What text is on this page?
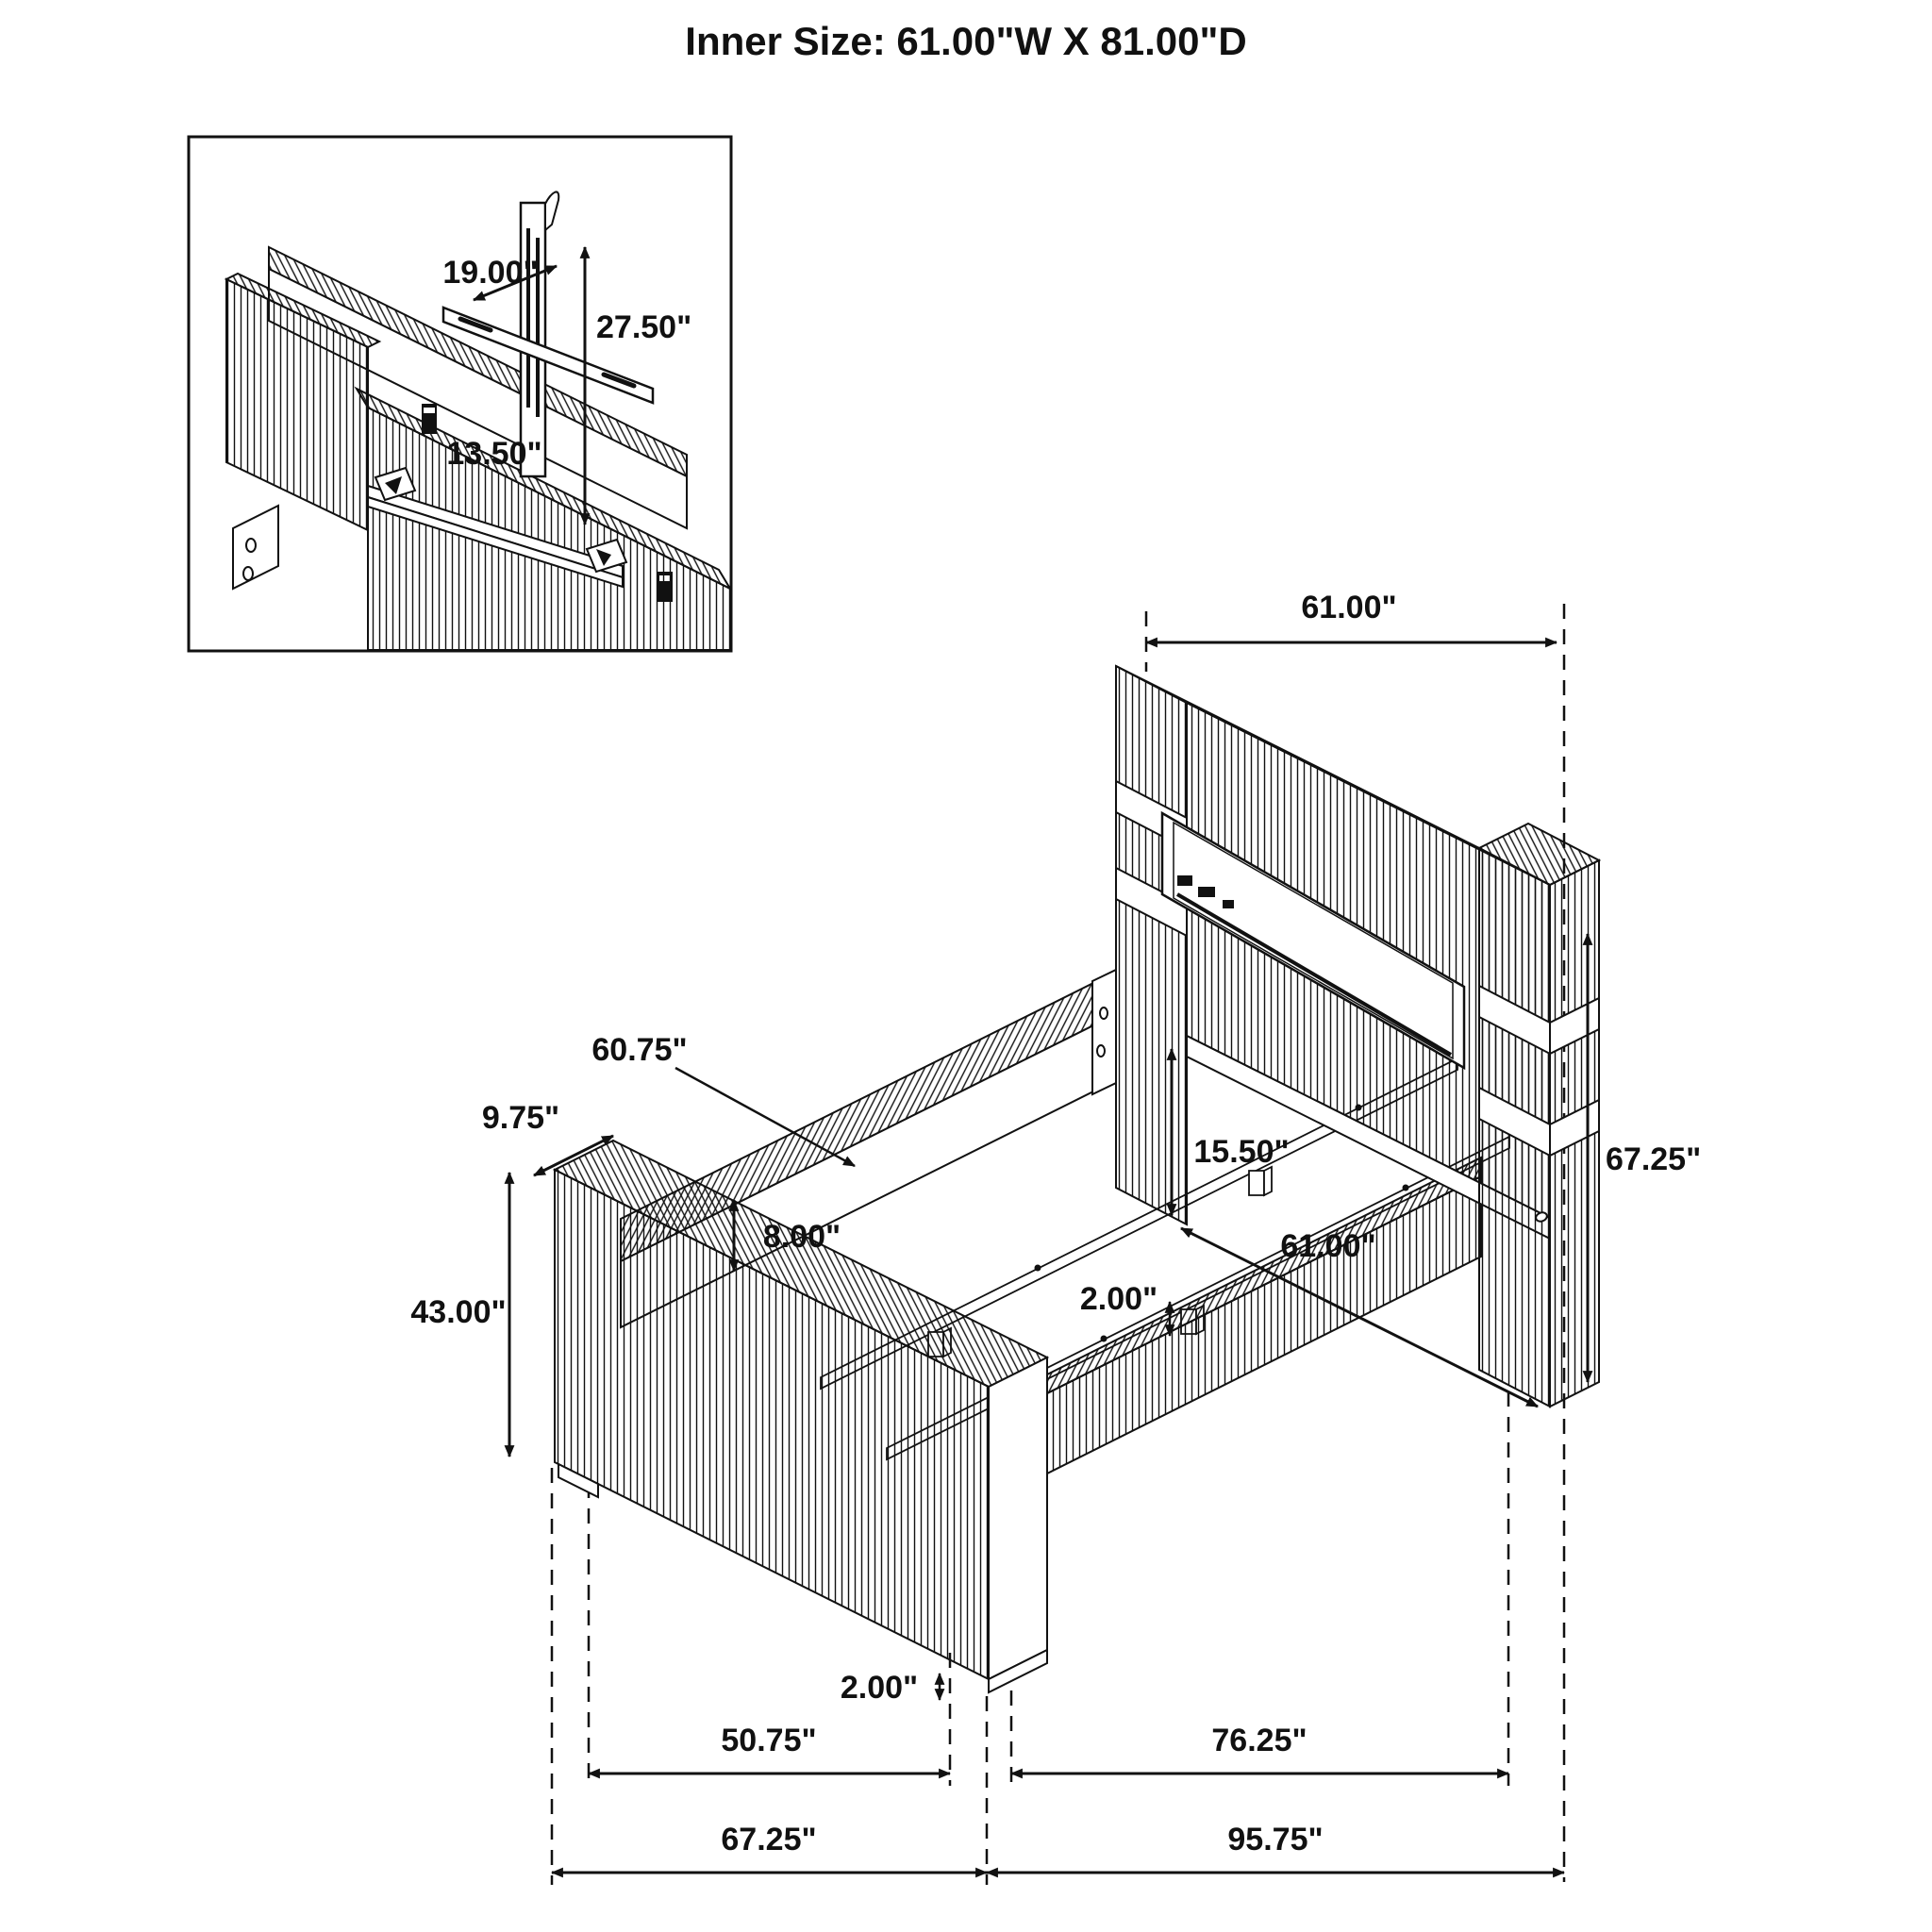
Inner Size: 61.00"W X 81.00"D
19.00"
27.50"
13.50"
61.00"
67.25"
60.75"
9.75"
43.00"
15.50"
61.00"
8.00"
2.00"
2.00"
50.75"	76.25"
67.25"	95.75"
